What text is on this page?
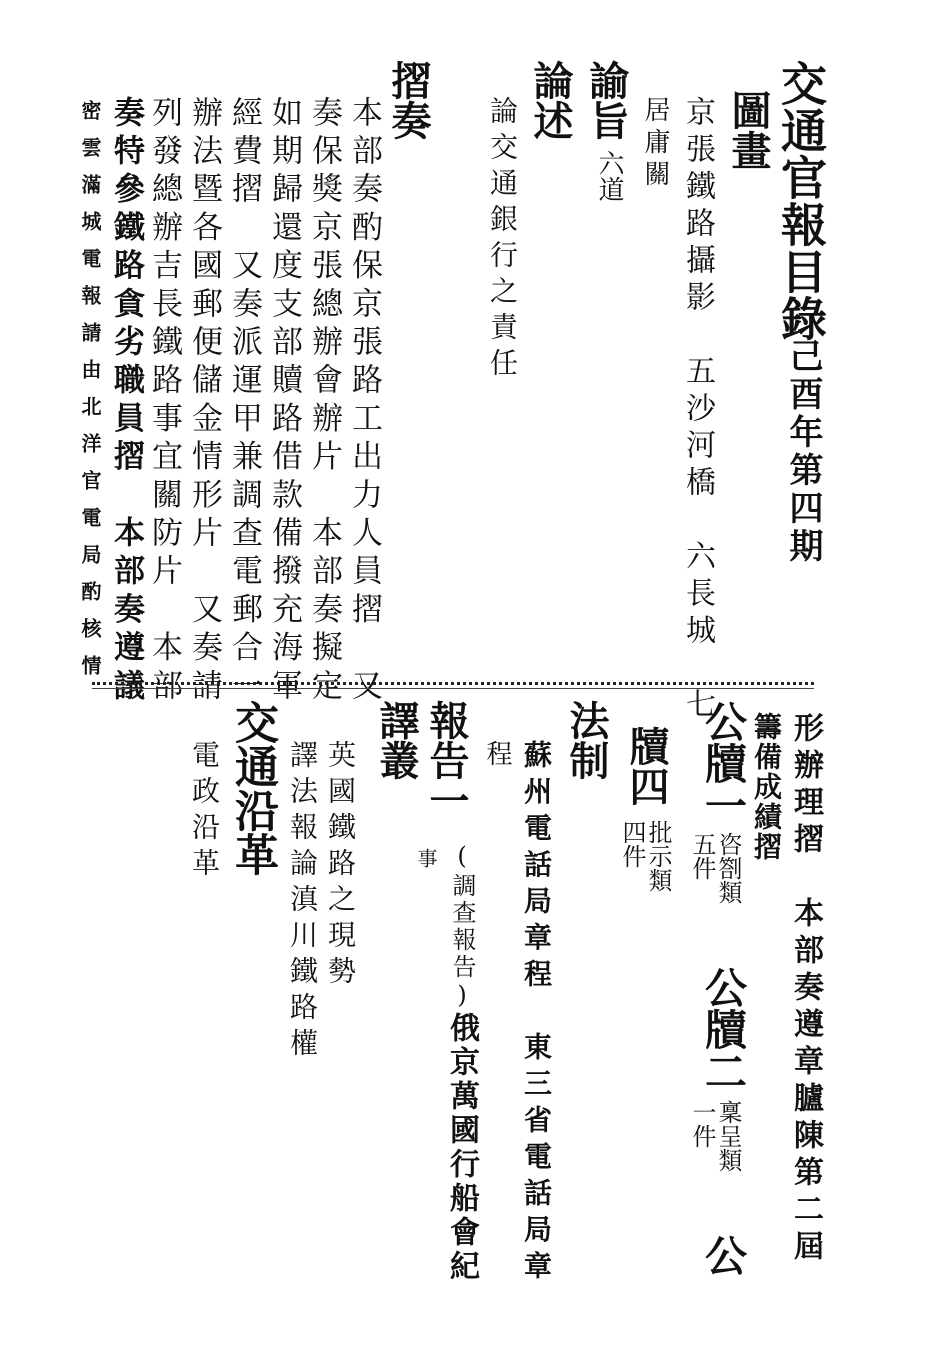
交通官報目錄
己酉年第四期
圖畫
京張鐵路攝影　五沙河橋　六長城　七
居庸關
諭旨
六道
論述
論交通銀行之責任
摺奏
本部奏酌保京張路工出力人員摺　又
奏保獎京張總辦會辦片　本部奏擬定
如期歸還度支部贖路借款備撥充海軍
經費摺　又奏派運甲兼調查電郵合一
辦法暨各國郵便儲金情形片　又奏請
列發總辦吉長鐵路事宜關防片　本部
奏特參鐵路貪劣職員摺　本部奏遵議
密雲滿城電報請由北洋官電局酌核情
形辦理摺　本部奏遵章臚陳第二屆
籌備成績摺
公牘一
咨劄類
五件
公牘二
稟呈類
一件
公
牘四
批示類
四件
法制
蘇州電話局章程　東三省電話局章
程
報告一
(調查報告)
俄京萬國行船會紀
事
譯叢
英國鐵路之現勢
譯法報論滇川鐵路權
交通沿革
電政沿革
